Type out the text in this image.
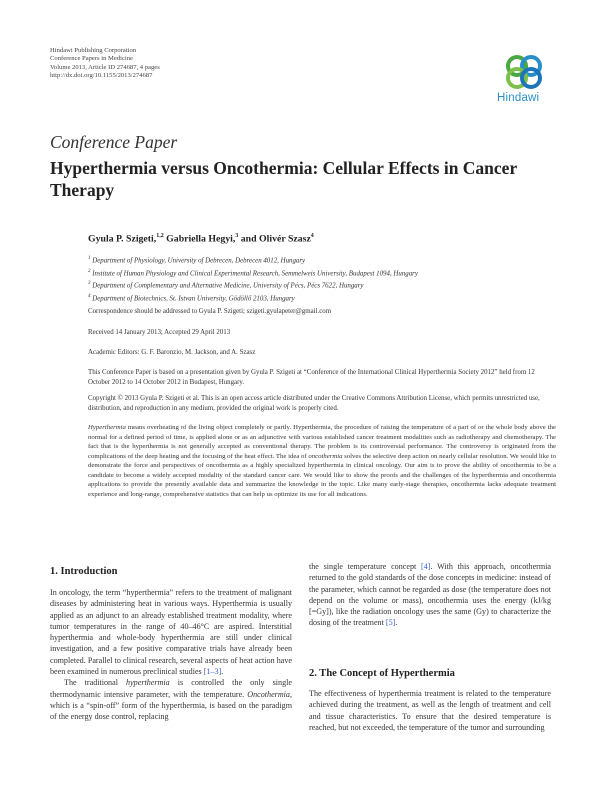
Hindawi Publishing Corporation
Conference Papers in Medicine
Volume 2013, Article ID 274687, 4 pages
http://dx.doi.org/10.1155/2013/274687
Hindawi
Conference Paper
Hyperthermia versus Oncothermia: Cellular Effects in Cancer Therapy
Gyula P. Szigeti,$^{1,2}$ Gabriella Hegyi,$^3$ and Olivér Szasz$^4$
$^1$ Department of Physiology, University of Debrecen, Debrecen 4012, Hungary
$^2$ Institute of Human Physiology and Clinical Experimental Research, Semmelweis University, Budapest 1094, Hungary
$^3$ Department of Complementary and Alternative Medicine, University of Pécs, Pécs 7622, Hungary
$^4$ Department of Biotechnics, St. Istvan University, Gödöllő 2103, Hungary
Correspondence should be addressed to Gyula P. Szigeti; szigeti.gyulapeter@gmail.com
Received 14 January 2013; Accepted 29 April 2013
Academic Editors: G. F. Baronzio, M. Jackson, and A. Szasz
This Conference Paper is based on a presentation given by Gyula P. Szigeti at “Conference of the International Clinical Hyperthermia Society 2012” held from 12 October 2012 to 14 October 2012 in Budapest, Hungary.
Copyright © 2013 Gyula P. Szigeti et al. This is an open access article distributed under the Creative Commons Attribution License, which permits unrestricted use, distribution, and reproduction in any medium, provided the original work is properly cited.
Hyperthermia means overheating of the living object completely or partly. Hyperthermia, the procedure of raising the temperature of a part of or the whole body above the normal for a defined period of time, is applied alone or as an adjunctive with various established cancer treatment modalities such as radiotherapy and chemotherapy. The fact that is the hyperthermia is not generally accepted as conventional therapy. The problem is its controversial performance. The controversy is originated from the complications of the deep heating and the focusing of the heat effect. The idea of oncothermia solves the selective deep action on nearly cellular resolution. We would like to demonstrate the force and perspectives of oncothermia as a highly specialized hyperthermia in clinical oncology. Our aim is to prove the ability of oncothermia to be a candidate to become a widely accepted modality of the standard cancer care. We would like to show the proofs and the challenges of the hyperthermia and oncothermia applications to provide the presently available data and summarize the knowledge in the topic. Like many early-stage therapies, oncothermia lacks adequate treatment experience and long-range, comprehensive statistics that can help us optimize its use for all indications.
1. Introduction

In oncology, the term “hyperthermia” refers to the treatment of malignant diseases by administering heat in various ways. Hyperthermia is usually applied as an adjunct to an already established treatment modality, where tumor temperatures in the range of 40–46°C are aspired. Interstitial hyperthermia and whole-body hyperthermia are still under clinical investigation, and a few positive comparative trials have already been completed. Parallel to clinical research, several aspects of heat action have been examined in numerous preclinical studies [1–3].

The traditional hyperthermia is controlled the only single thermodynamic intensive parameter, with the temperature. Oncothermia, which is a “spin-off” form of the hyperthermia, is based on the paradigm of the energy dose control, replacing

the single temperature concept [4]. With this approach, oncothermia returned to the gold standards of the dose concepts in medicine: instead of the parameter, which cannot be regarded as dose (the temperature does not depend on the volume or mass), oncothermia uses the energy (kJ/kg [=Gy]), like the radiation oncology uses the same (Gy) to characterize the dosing of the treatment [5].

2. The Concept of Hyperthermia

The effectiveness of hyperthermia treatment is related to the temperature achieved during the treatment, as well as the length of treatment and cell and tissue characteristics. To ensure that the desired temperature is reached, but not exceeded, the temperature of the tumor and surrounding
